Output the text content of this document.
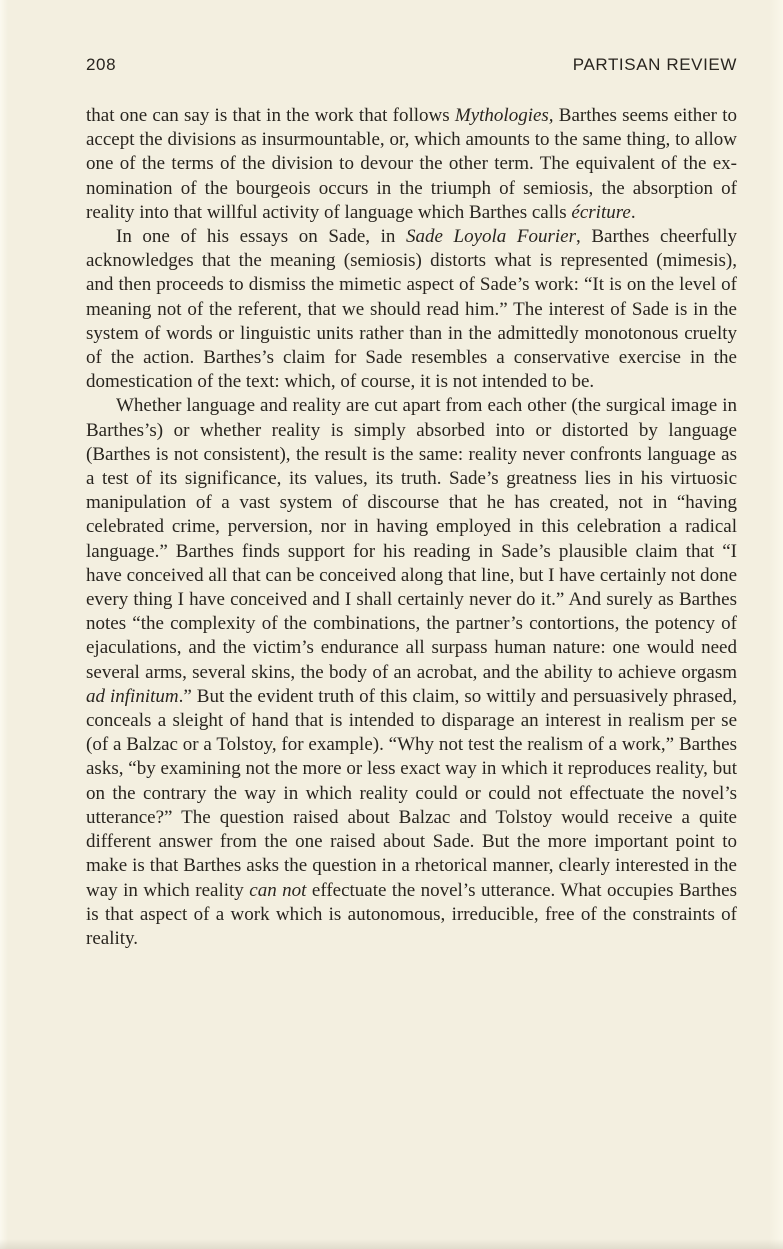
208	PARTISAN REVIEW

that one can say is that in the work that follows Mythologies, Barthes seems either to accept the divisions as insurmountable, or, which amounts to the same thing, to allow one of the terms of the division to devour the other term. The equivalent of the ex-nomination of the bourgeois occurs in the triumph of semiosis, the absorption of reality into that willful activity of language which Barthes calls écriture.

In one of his essays on Sade, in Sade Loyola Fourier, Barthes cheerfully acknowledges that the meaning (semiosis) distorts what is represented (mimesis), and then proceeds to dismiss the mimetic aspect of Sade’s work: “It is on the level of meaning not of the referent, that we should read him.” The interest of Sade is in the system of words or linguistic units rather than in the admittedly monotonous cruelty of the action. Barthes’s claim for Sade resembles a conservative exercise in the domestication of the text: which, of course, it is not intended to be.

Whether language and reality are cut apart from each other (the surgical image in Barthes’s) or whether reality is simply absorbed into or distorted by language (Barthes is not consistent), the result is the same: reality never confronts language as a test of its significance, its values, its truth. Sade’s greatness lies in his virtuosic manipulation of a vast system of discourse that he has created, not in “having celebrated crime, perversion, nor in having employed in this celebration a radical language.” Barthes finds support for his reading in Sade’s plausible claim that “I have conceived all that can be conceived along that line, but I have certainly not done every thing I have conceived and I shall certainly never do it.” And surely as Barthes notes “the complexity of the combinations, the partner’s contortions, the potency of ejaculations, and the victim’s endurance all surpass human nature: one would need several arms, several skins, the body of an acrobat, and the ability to achieve orgasm ad infinitum.” But the evident truth of this claim, so wittily and persuasively phrased, conceals a sleight of hand that is intended to disparage an interest in realism per se (of a Balzac or a Tolstoy, for example). “Why not test the realism of a work,” Barthes asks, “by examining not the more or less exact way in which it reproduces reality, but on the contrary the way in which reality could or could not effectuate the novel’s utterance?” The question raised about Balzac and Tolstoy would receive a quite different answer from the one raised about Sade. But the more important point to make is that Barthes asks the question in a rhetorical manner, clearly interested in the way in which reality can not effectuate the novel’s utterance. What occupies Barthes is that aspect of a work which is autonomous, irreducible, free of the constraints of reality.
